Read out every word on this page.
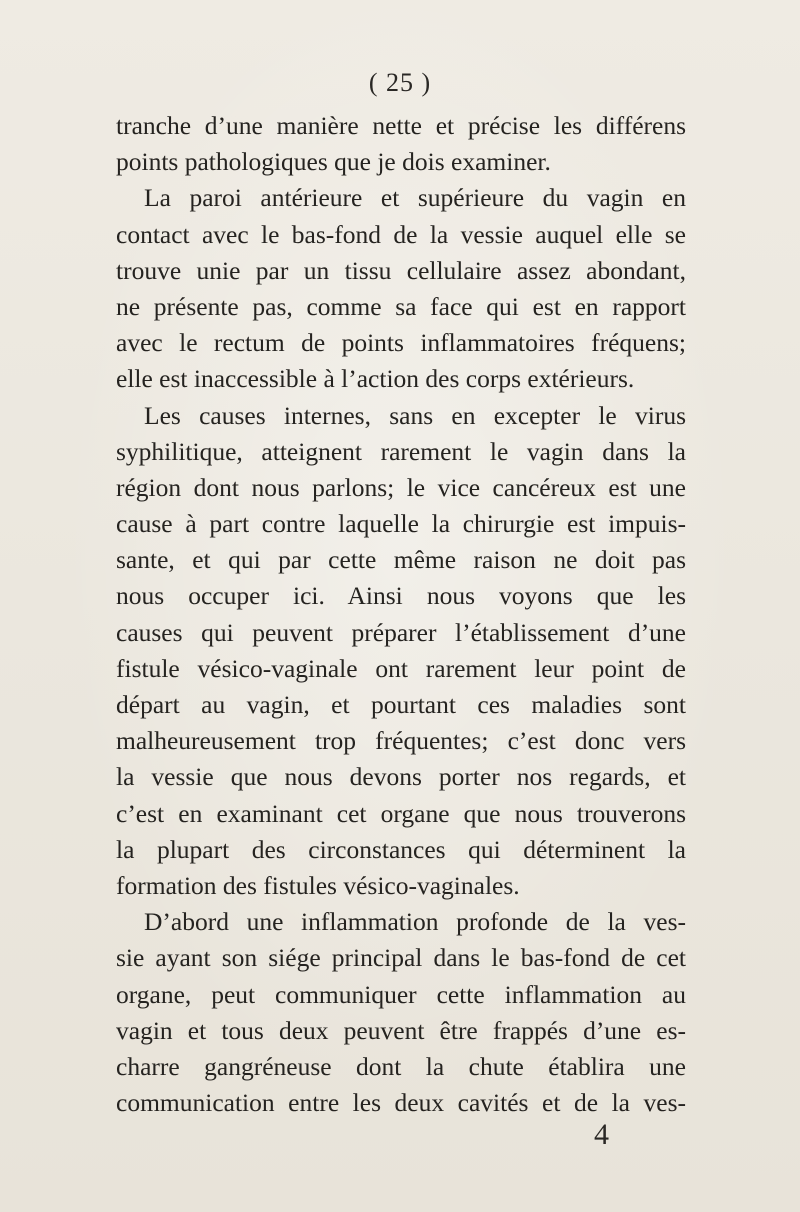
( 25 )
tranche d’une manière nette et précise les différens
points pathologiques que je dois examiner.
La paroi antérieure et supérieure du vagin en
contact avec le bas-fond de la vessie auquel elle se
trouve unie par un tissu cellulaire assez abondant,
ne présente pas, comme sa face qui est en rapport
avec le rectum de points inflammatoires fréquens;
elle est inaccessible à l’action des corps extérieurs.
Les causes internes, sans en excepter le virus
syphilitique, atteignent rarement le vagin dans la
région dont nous parlons; le vice cancéreux est une
cause à part contre laquelle la chirurgie est impuis-
sante, et qui par cette même raison ne doit pas
nous occuper ici. Ainsi nous voyons que les
causes qui peuvent préparer l’établissement d’une
fistule vésico-vaginale ont rarement leur point de
départ au vagin, et pourtant ces maladies sont
malheureusement trop fréquentes; c’est donc vers
la vessie que nous devons porter nos regards, et
c’est en examinant cet organe que nous trouverons
la plupart des circonstances qui déterminent la
formation des fistules vésico-vaginales.
D’abord une inflammation profonde de la ves-
sie ayant son siége principal dans le bas-fond de cet
organe, peut communiquer cette inflammation au
vagin et tous deux peuvent être frappés d’une es-
charre gangréneuse dont la chute établira une
communication entre les deux cavités et de la ves-
4
